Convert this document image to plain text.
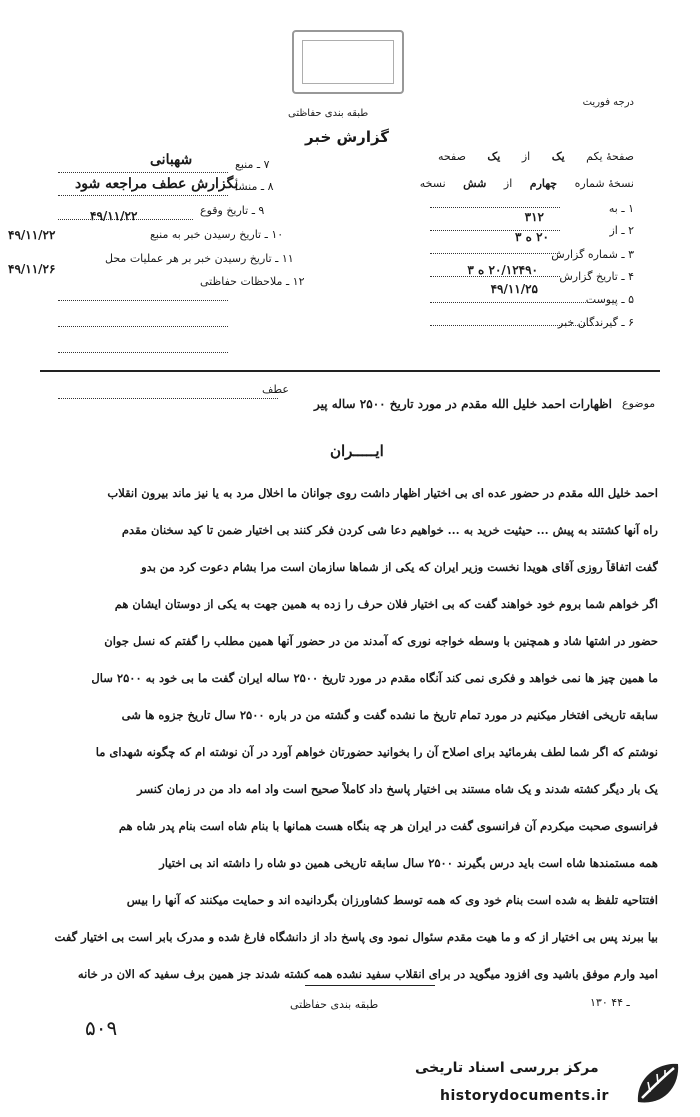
درجه فوریت
طبقه بندی حفاظتی
گزارش خبر
صفحهٔ یکم یک از یک صفحه
نسخهٔ شماره چهارم از شش نسخه
۱ ـ به
۳۱۲
۲ ـ از
۲۰ ه ۳
۳ ـ شماره گزارش
۴ ـ تاریخ گزارش
۲۰/۱۲۴۹۰ ه ۳
۴۹/۱۱/۲۵
۵ ـ پیوست
۶ ـ گیرندگان خبر
۷ ـ منبع
شهبانی
۸ ـ منشأ
بگزارش عطف مراجعه شود
۹ ـ تاریخ وقوع
۴۹/۱۱/۲۲
۱۰ ـ تاریخ رسیدن خبر به منبع
۴۹/۱۱/۲۲
۱۱ ـ تاریخ رسیدن خبر بر هر عملیات محل
۴۹/۱۱/۲۶
۱۲ ـ ملاحظات حفاظتی
موضوع
عطف
اظهارات احمد خلیل الله مقدم در مورد تاریخ ۲۵۰۰ ساله پیر
ایـــــران
احمد خلیل الله مقدم در حضور عده ای بی اختیار اظهار داشت روی جوانان ما اخلال مرد به یا نیز ماند بیرون انقلاب
راه آنها کشتند به پیش ... حیثیت خرید به ... خواهیم دعا شی کردن فکر کنند بی اختیار ضمن تا کید سخنان مقدم
گفت اتفاقاً روزی آقای هویدا نخست وزیر ایران که یکی از شماها سازمان است مرا بشام دعوت کرد من بدو
اگر خواهم شما بروم خود خواهند گفت که بی اختیار فلان حرف را زده به همین جهت به یکی از دوستان ایشان هم
حضور در اشتها شاد و همچنین با وسطه خواجه نوری که آمدند من در حضور آنها همین مطلب را گفتم که نسل جوان
ما همین چیز ها نمی خواهد و فکری نمی کند آنگاه مقدم در مورد تاریخ ۲۵۰۰ ساله ایران گفت ما بی خود به ۲۵۰۰ سال
سابقه تاریخی افتخار میکنیم در مورد تمام تاریخ ما نشده گفت و گشته من در باره ۲۵۰۰ سال تاریخ جزوه ها شی
نوشتم که اگر شما لطف بفرمائید برای اصلاح آن را بخوانید حضورتان خواهم آورد در آن نوشته ام که چگونه شهدای ما
یک بار دیگر کشته شدند و یک شاه مستند بی اختیار پاسخ داد کاملاً صحیح است واد امه داد من در زمان کنسر
فرانسوی صحبت میکردم آن فرانسوی گفت در ایران هر چه بنگاه هست همانها با بنام شاه است بنام پدر شاه هم
همه مستمندها شاه است باید درس بگیرند ۲۵۰۰ سال سابقه تاریخی همین دو شاه را داشته اند بی اختیار
افتتاحیه تلفظ به شده است بنام خود وی که همه توسط کشاورزان بگردانیده اند و حمایت میکنند که آنها را بیس
بیا ببرند پس بی اختیار از که و ما هیت مقدم سئوال نمود وی پاسخ داد از دانشگاه فارغ شده و مدرک بابر است بی اختیار گفت
امید وارم موفق باشید وی افزود میگوید در برای انقلاب سفید نشده همه کشته شدند جز همین برف سفید که الان در خانه
۱۳۰ ـ ۴۴
طبقه بندی حفاظتی
۵۰۹
مرکز بررسی اسناد تاریخی
historydocuments.ir
